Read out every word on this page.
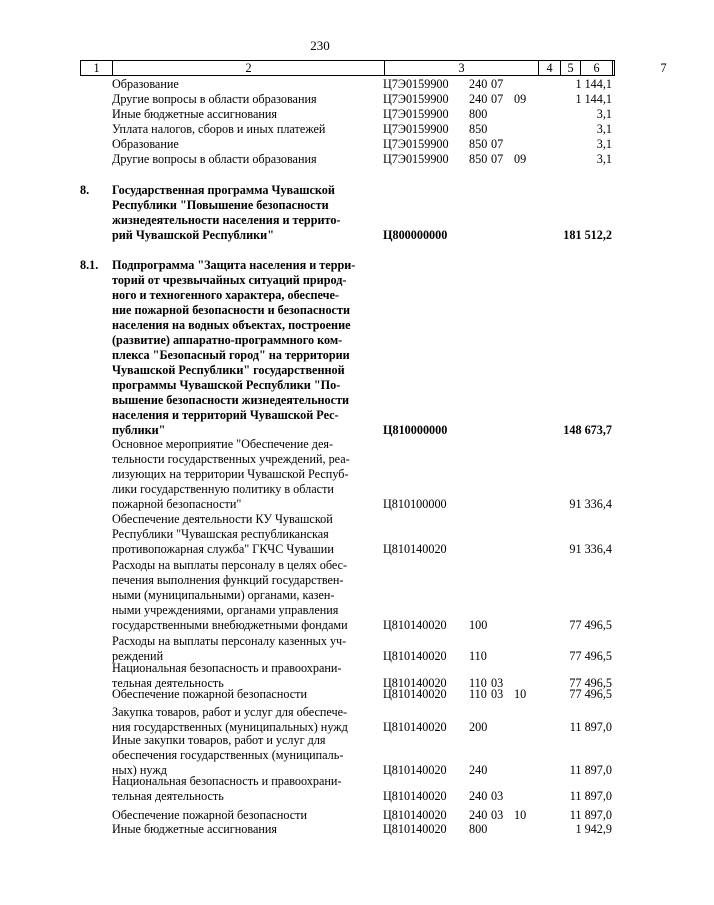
230
1	2	3	4	5	6	7
Образование	Ц7Э0159900 240 07	1 144,1
Другие вопросы в области образования	Ц7Э0159900 240 07 09	1 144,1
Иные бюджетные ассигнования	Ц7Э0159900 800	3,1
Уплата налогов, сборов и иных платежей	Ц7Э0159900 850	3,1
Образование	Ц7Э0159900 850 07	3,1
Другие вопросы в области образования	Ц7Э0159900 850 07 09	3,1
8. Государственная программа Чувашской
Республики "Повышение безопасности
жизнедеятельности населения и террито-
рий Чувашской Республики"	Ц800000000	181 512,2
8.1. Подпрограмма "Защита населения и терри-
торий от чрезвычайных ситуаций природ-
ного и техногенного характера, обеспече-
ние пожарной безопасности и безопасности
населения на водных объектах, построение
(развитие) аппаратно-программного ком-
плекса "Безопасный город" на территории
Чувашской Республики" государственной
программы Чувашской Республики "По-
вышение безопасности жизнедеятельности
населения и территорий Чувашской Рес-
публики"	Ц810000000	148 673,7
Основное мероприятие "Обеспечение дея-
тельности государственных учреждений, реа-
лизующих на территории Чувашской Респуб-
лики государственную политику в области
пожарной безопасности"	Ц810100000	91 336,4
Обеспечение деятельности КУ Чувашской
Республики "Чувашская республиканская
противопожарная служба" ГКЧС Чувашии	Ц810140020	91 336,4
Расходы на выплаты персоналу в целях обес-
печения выполнения функций государствен-
ными (муниципальными) органами, казен-
ными учреждениями, органами управления
государственными внебюджетными фондами	Ц810140020 100	77 496,5
Расходы на выплаты персоналу казенных уч-
реждений	Ц810140020 110	77 496,5
Национальная безопасность и правоохрани-
тельная деятельность	Ц810140020 110 03	77 496,5
Обеспечение пожарной безопасности	Ц810140020 110 03 10	77 496,5
Закупка товаров, работ и услуг для обеспече-
ния государственных (муниципальных) нужд	Ц810140020 200	11 897,0
Иные закупки товаров, работ и услуг для
обеспечения государственных (муниципаль-
ных) нужд	Ц810140020 240	11 897,0
Национальная безопасность и правоохрани-
тельная деятельность	Ц810140020 240 03	11 897,0
Обеспечение пожарной безопасности	Ц810140020 240 03 10	11 897,0
Иные бюджетные ассигнования	Ц810140020 800	1 942,9
